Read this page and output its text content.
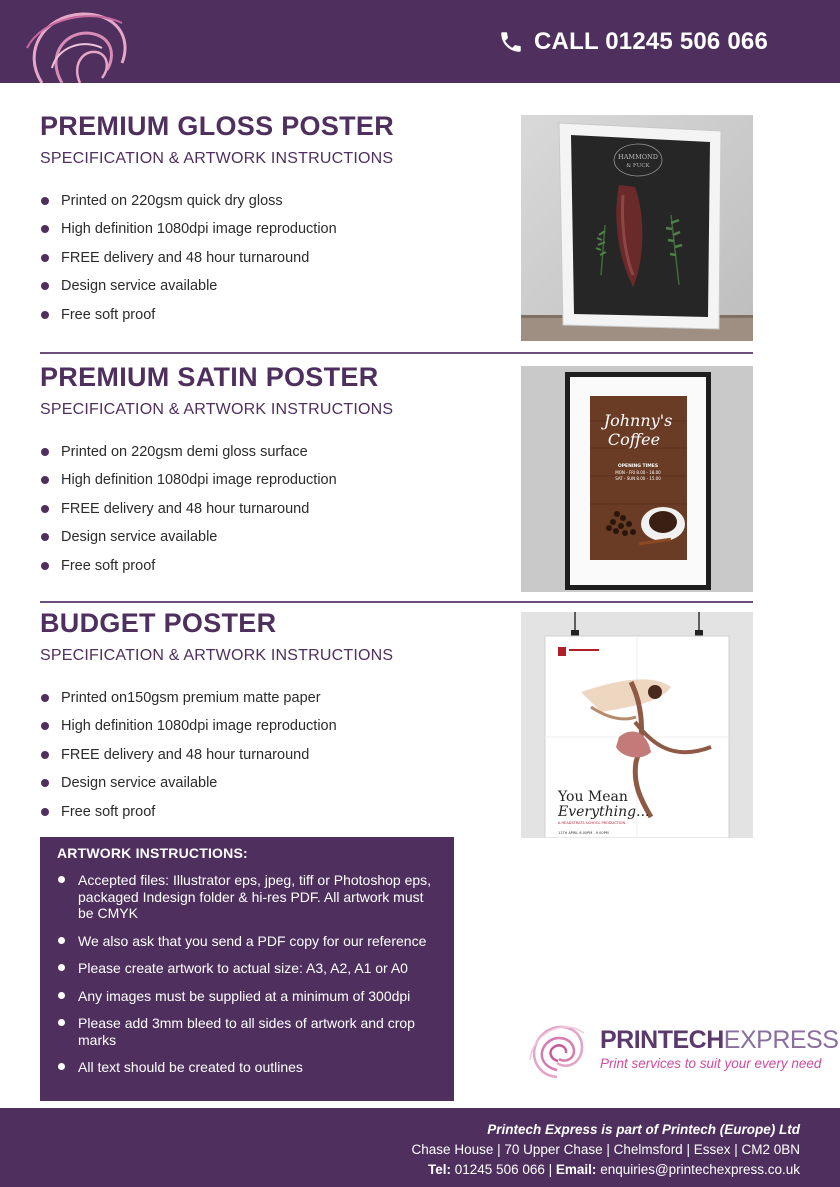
CALL 01245 506 066
PREMIUM GLOSS POSTER
SPECIFICATION & ARTWORK INSTRUCTIONS
Printed on 220gsm quick dry gloss
High definition 1080dpi image reproduction
FREE delivery and 48 hour turnaround
Design service available
Free soft proof
HAMMOND
& FUCK
PREMIUM SATIN POSTER
SPECIFICATION & ARTWORK INSTRUCTIONS
Printed on 220gsm demi gloss surface
High definition 1080dpi image reproduction
FREE delivery and 48 hour turnaround
Design service available
Free soft proof
Johnny's
Coffee
OPENING TIMES
MON - FRI 8.00 - 18.00
SAT - SUN 8.00 - 15.00
BUDGET POSTER
SPECIFICATION & ARTWORK INSTRUCTIONS
Printed on150gsm premium matte paper
High definition 1080dpi image reproduction
FREE delivery and 48 hour turnaround
Design service available
Free soft proof
You Mean
Everything...
A HEADSTRATS SCHOOL PRODUCTION
11TH APRIL 6.00PM - 9.00PM
ARTWORK INSTRUCTIONS:
Accepted files: Illustrator eps, jpeg, tiff or Photoshop eps, packaged Indesign folder & hi-res PDF. All artwork must be CMYK
We also ask that you send a PDF copy for our reference
Please create artwork to actual size: A3, A2, A1 or A0
Any images must be supplied at a minimum of 300dpi
Please add 3mm bleed to all sides of artwork and crop marks
All text should be created to outlines
PRINTECHEXPRESS
Print services to suit your every need
Printech Express is part of Printech (Europe) Ltd
Chase House | 70 Upper Chase | Chelmsford | Essex | CM2 0BN
Tel: 01245 506 066 | Email: enquiries@printechexpress.co.uk
